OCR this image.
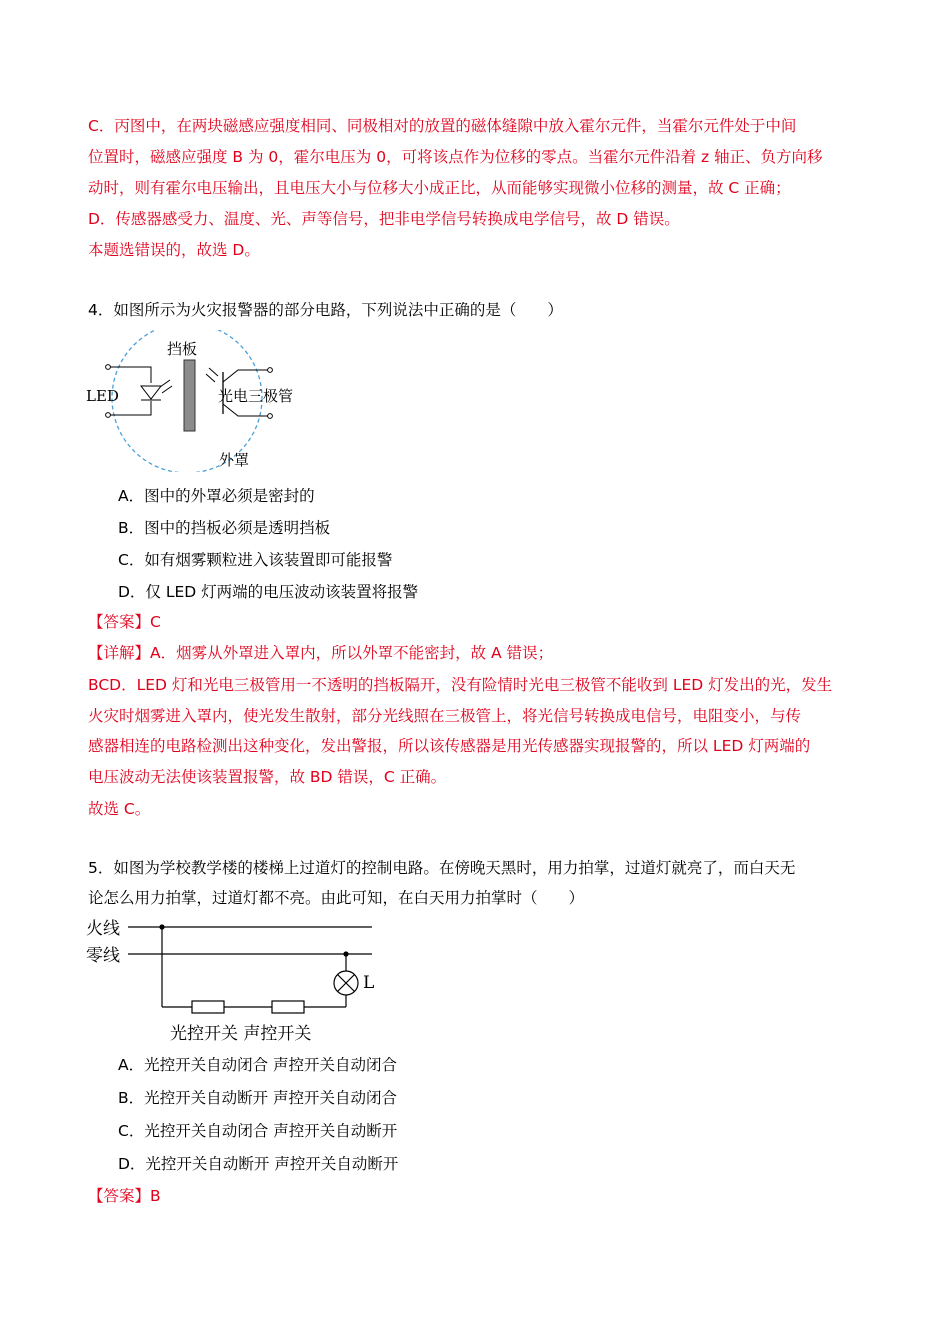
C．丙图中，在两块磁感应强度相同、同极相对的放置的磁体缝隙中放入霍尔元件，当霍尔元件处于中间
位置时，磁感应强度 B 为 0，霍尔电压为 0，可将该点作为位移的零点。当霍尔元件沿着 z 轴正、负方向移
动时，则有霍尔电压输出，且电压大小与位移大小成正比，从而能够实现微小位移的测量，故 C 正确；
D．传感器感受力、温度、光、声等信号，把非电学信号转换成电学信号，故 D 错误。
本题选错误的，故选 D。
4．如图所示为火灾报警器的部分电路，下列说法中正确的是（　　）
LED
挡板
光电三极管
外罩
A．图中的外罩必须是密封的
B．图中的挡板必须是透明挡板
C．如有烟雾颗粒进入该装置即可能报警
D．仅 LED 灯两端的电压波动该装置将报警
【答案】C
【详解】A．烟雾从外罩进入罩内，所以外罩不能密封，故 A 错误；
BCD．LED 灯和光电三极管用一不透明的挡板隔开，没有险情时光电三极管不能收到 LED 灯发出的光，发生
火灾时烟雾进入罩内，使光发生散射，部分光线照在三极管上，将光信号转换成电信号，电阻变小，与传
感器相连的电路检测出这种变化，发出警报，所以该传感器是用光传感器实现报警的，所以 LED 灯两端的
电压波动无法使该装置报警，故 BD 错误，C 正确。
故选 C。
5．如图为学校教学楼的楼梯上过道灯的控制电路。在傍晚天黑时，用力拍掌，过道灯就亮了，而白天无
论怎么用力拍掌，过道灯都不亮。由此可知，在白天用力拍掌时（　　）
火线
零线
L
光控开关 声控开关
A．光控开关自动闭合 声控开关自动闭合
B．光控开关自动断开 声控开关自动闭合
C．光控开关自动闭合 声控开关自动断开
D．光控开关自动断开 声控开关自动断开
【答案】B
